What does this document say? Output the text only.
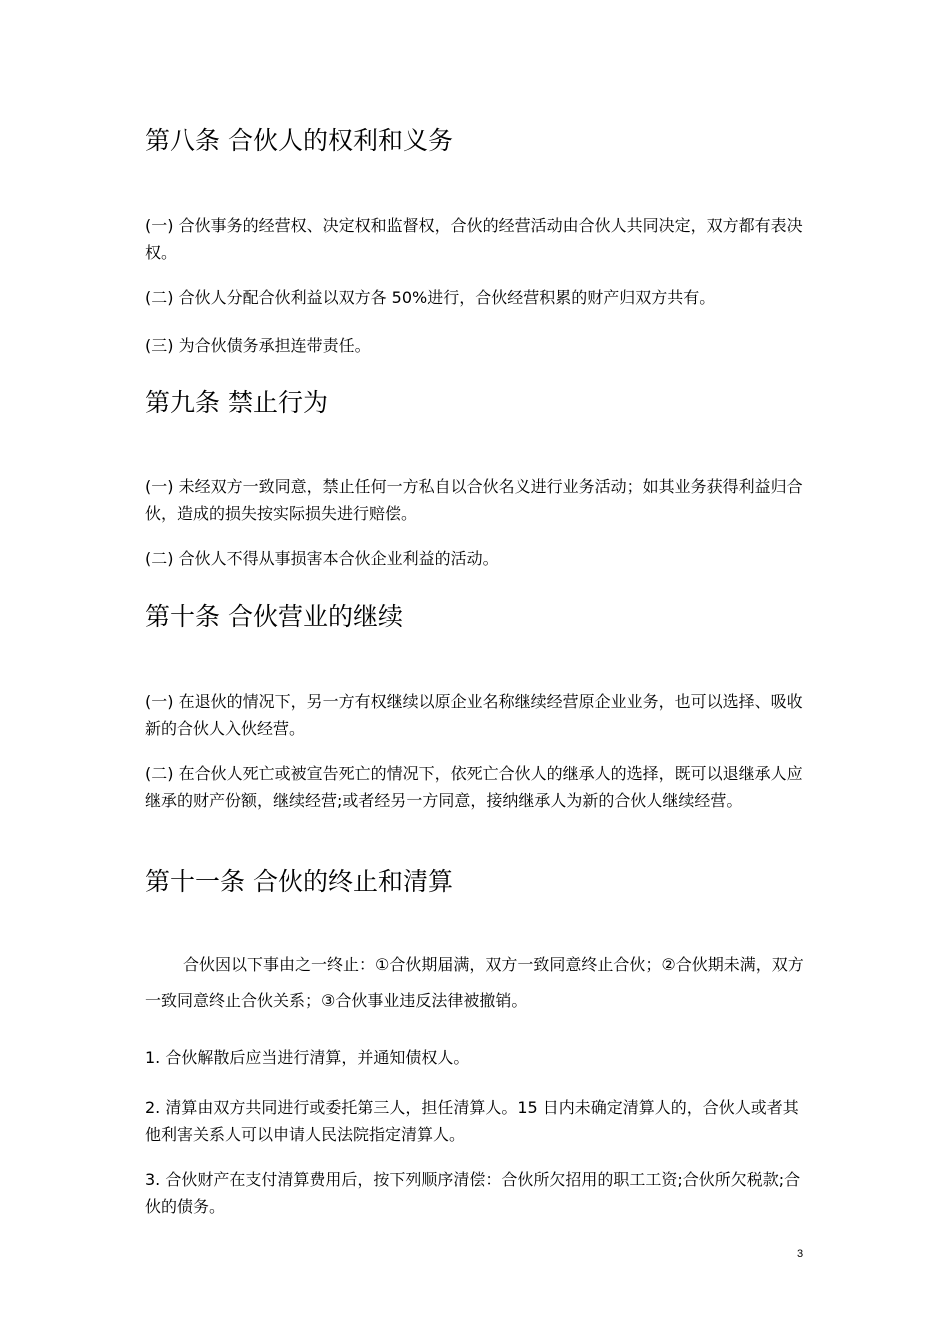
第八条 合伙人的权利和义务

(一) 合伙事务的经营权、决定权和监督权，合伙的经营活动由合伙人共同决定，双方都有表决权。

(二) 合伙人分配合伙利益以双方各 50%进行，合伙经营积累的财产归双方共有。

(三) 为合伙债务承担连带责任。

第九条 禁止行为

(一) 未经双方一致同意，禁止任何一方私自以合伙名义进行业务活动；如其业务获得利益归合伙，造成的损失按实际损失进行赔偿。

(二) 合伙人不得从事损害本合伙企业利益的活动。

第十条 合伙营业的继续

(一) 在退伙的情况下，另一方有权继续以原企业名称继续经营原企业业务，也可以选择、吸收新的合伙人入伙经营。

(二) 在合伙人死亡或被宣告死亡的情况下，依死亡合伙人的继承人的选择，既可以退继承人应继承的财产份额，继续经营;或者经另一方同意，接纳继承人为新的合伙人继续经营。

第十一条 合伙的终止和清算

合伙因以下事由之一终止：①合伙期届满，双方一致同意终止合伙；②合伙期未满，双方一致同意终止合伙关系；③合伙事业违反法律被撤销。

1. 合伙解散后应当进行清算，并通知债权人。

2. 清算由双方共同进行或委托第三人，担任清算人。15 日内未确定清算人的，合伙人或者其他利害关系人可以申请人民法院指定清算人。

3. 合伙财产在支付清算费用后，按下列顺序清偿：合伙所欠招用的职工工资;合伙所欠税款;合伙的债务。

3
